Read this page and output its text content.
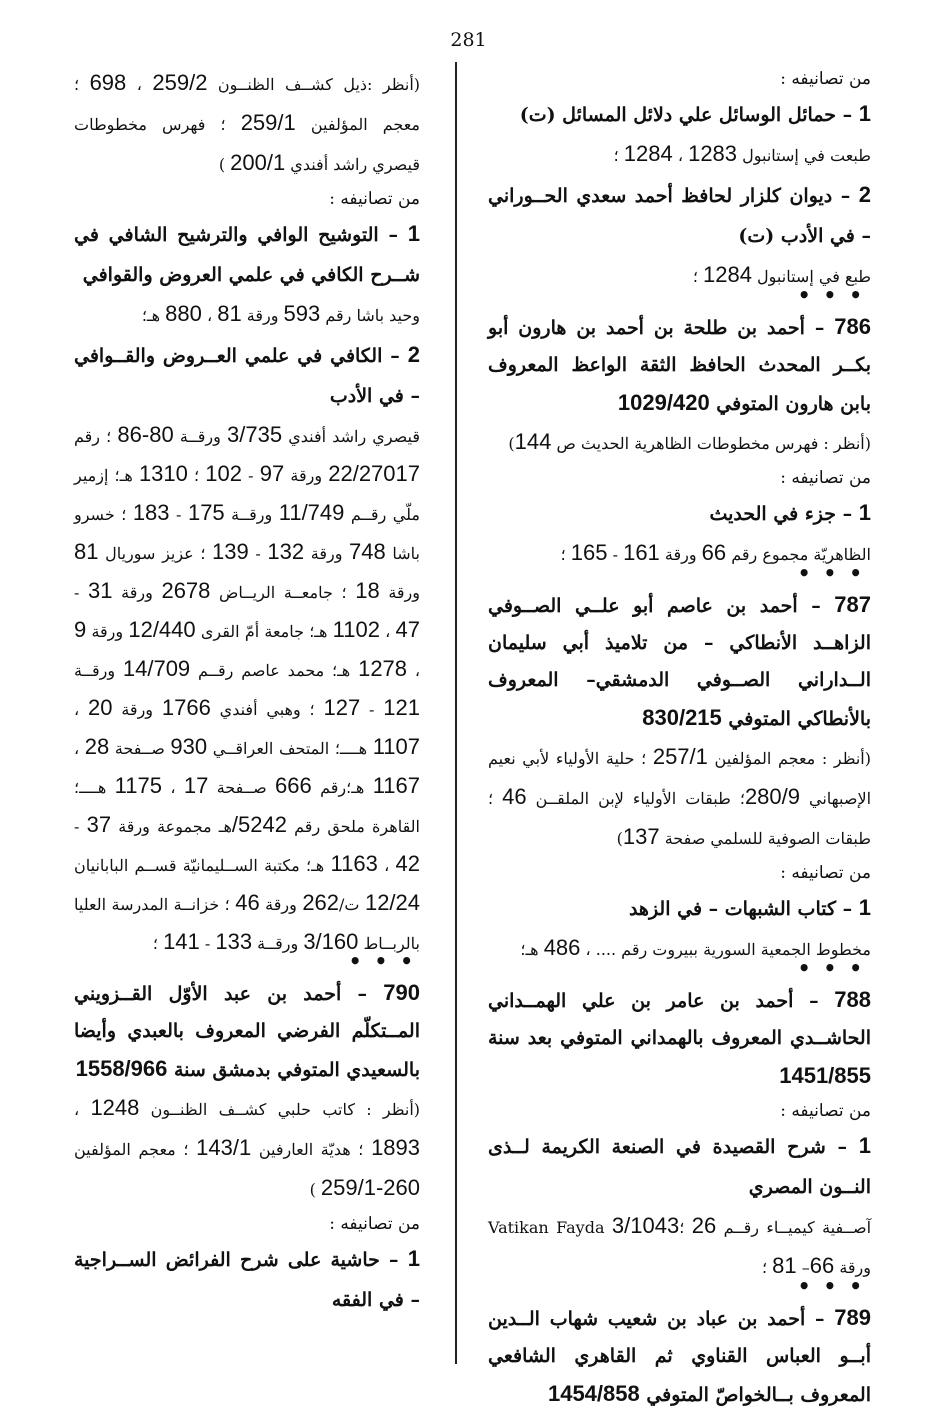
281

من تصانيفه :

1 – حمائل الوسائل علي دلائل المسائل (ت)

طبعت في إستانبول 1283 ، 1284 ؛

2 – ديوان كلزار لحافظ أحمد سعدي الحــوراني – في الأدب (ت)

طبع في إستانبول 1284 ؛

• • •

786 – أحمد بن طلحة بن أحمد بن هارون أبو بكــر المحدث الحافظ الثقة الواعظ المعروف بابن هارون المتوفي 1029/420

(أنظر : فهرس مخطوطات الظاهرية الحديث ص 144)

من تصانيفه :

1 – جزء في الحديث

الظاهريّة مجموع رقم 66 ورقة 161 - 165 ؛

• • •

787 – أحمد بن عاصم أبو علــي الصــوفي الزاهــد الأنطاكي – من تلاميذ أبي سليمان الــداراني الصــوفي الدمشقي– المعروف بالأنطاكي المتوفي 830/215

(أنظر : معجم المؤلفين 257/1 ؛ حلية الأولياء لأبي نعيم الإصبهاني 280/9؛ طبقات الأولياء لإبن الملقــن 46 ؛ طبقات الصوفية للسلمي صفحة 137)

من تصانيفه :

1 – كتاب الشبهات – في الزهد

مخطوط الجمعية السورية ببيروت رقم .... ، 486 هـ؛

• • •

788 – أحمد بن عامر بن علي الهمــداني الحاشــدي المعروف بالهمداني المتوفي بعد سنة 1451/855

من تصانيفه :

1 – شرح القصيدة في الصنعة الكريمة لــذى النــون المصري

آصــفية كيميــاء رقــم 26 ؛Vatikan Fayda 3/1043 ورقة 66– 81 ؛

• • •

789 – أحمد بن عباد بن شعيب شهاب الــدين أبــو العباس القناوي ثم القاهري الشافعي المعروف بــالخواصّ المتوفي 1454/858

(أنظر :ذيل كشــف الظنــون 259/2 ، 698 ؛ معجم المؤلفين 259/1 ؛ فهرس مخطوطات قيصري راشد أفندي 200/1 )

من تصانيفه :

1 – التوشيح الوافي والترشيح الشافي في شــرح الكافي في علمي العروض والقوافي

وحيد باشا رقم 593 ورقة 81 ، 880 هـ؛

2 – الكافي في علمي العــروض والقــوافي – في الأدب

قيصري راشد أفندي 3/735 ورقــة 80-86 ؛ رقم 22/27017 ورقة 97 - 102 ؛ 1310 هـ؛ إزمير ملّي رقــم 11/749 ورقــة 175 - 183 ؛ خسرو باشا 748 ورقة 132 - 139 ؛ عزيز سوريال 81 ورقة 18 ؛ جامعــة الريــاض 2678 ورقة 31 - 47 ، 1102 هـ؛ جامعة أمّ القرى 12/440 ورقة 9 ، 1278 هـ؛ محمد عاصم رقــم 14/709 ورقــة 121 - 127 ؛ وهبي أفندي 1766 ورقة 20 ، 1107 هــــ؛ المتحف العراقــي 930 صــفحة 28 ، 1167 هـ؛رقم 666 صــفحة 17 ، 1175 هــــ؛ القاهرة ملحق رقم 5242/هـ مجموعة ورقة 37 - 42 ، 1163 هـ؛ مكتبة الســليمانيّة قســم البابانيان 12/24 ت/262 ورقة 46 ؛ خزانــة المدرسة العليا بالربــاط 3/160 ورقــة 133 - 141 ؛

• • •

790 – أحمد بن عبد الأوّل القــزويني المــتكلّم الفرضي المعروف بالعبدي وأيضا بالسعيدي المتوفي بدمشق سنة 1558/966

(أنظر : كاتب حلبي كشــف الظنــون 1248 ، 1893 ؛ هديّة العارفين 143/1 ؛ معجم المؤلفين 260-259/1 )

من تصانيفه :

1 – حاشية على شرح الفرائض الســراجية – في الفقه
